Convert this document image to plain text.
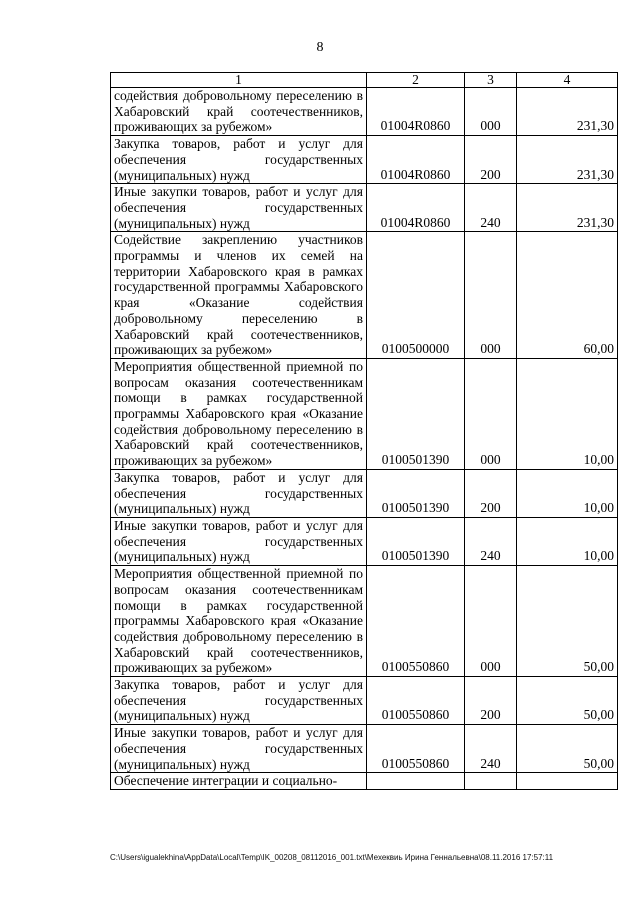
8
1	2	3	4
содействия добровольному переселению в Хабаровский край соотечественников, проживающих за рубежом»	01004R0860	000	231,30
Закупка товаров, работ и услуг для обеспечения государственных (муниципальных) нужд	01004R0860	200	231,30
Иные закупки товаров, работ и услуг для обеспечения государственных (муниципальных) нужд	01004R0860	240	231,30
Содействие закреплению участников программы и членов их семей на территории Хабаровского края в рамках государственной программы Хабаровского края «Оказание содействия добровольному переселению в Хабаровский край соотечественников, проживающих за рубежом»	0100500000	000	60,00
Мероприятия общественной приемной по вопросам оказания соотечественникам помощи в рамках государственной программы Хабаровского края «Оказание содействия добровольному переселению в Хабаровский край соотечественников, проживающих за рубежом»	0100501390	000	10,00
Закупка товаров, работ и услуг для обеспечения государственных (муниципальных) нужд	0100501390	200	10,00
Иные закупки товаров, работ и услуг для обеспечения государственных (муниципальных) нужд	0100501390	240	10,00
Мероприятия общественной приемной по вопросам оказания соотечественникам помощи в рамках государственной программы Хабаровского края «Оказание содействия добровольному переселению в Хабаровский край соотечественников, проживающих за рубежом»	0100550860	000	50,00
Закупка товаров, работ и услуг для обеспечения государственных (муниципальных) нужд	0100550860	200	50,00
Иные закупки товаров, работ и услуг для обеспечения государственных (муниципальных) нужд	0100550860	240	50,00
Обеспечение интеграции и социально-			
C:\Users\igualekhina\AppData\Local\Temp\IK_00208_08112016_001.txt\Мехеквиь Ирина Геннальевна\08.11.2016 17:57:11
